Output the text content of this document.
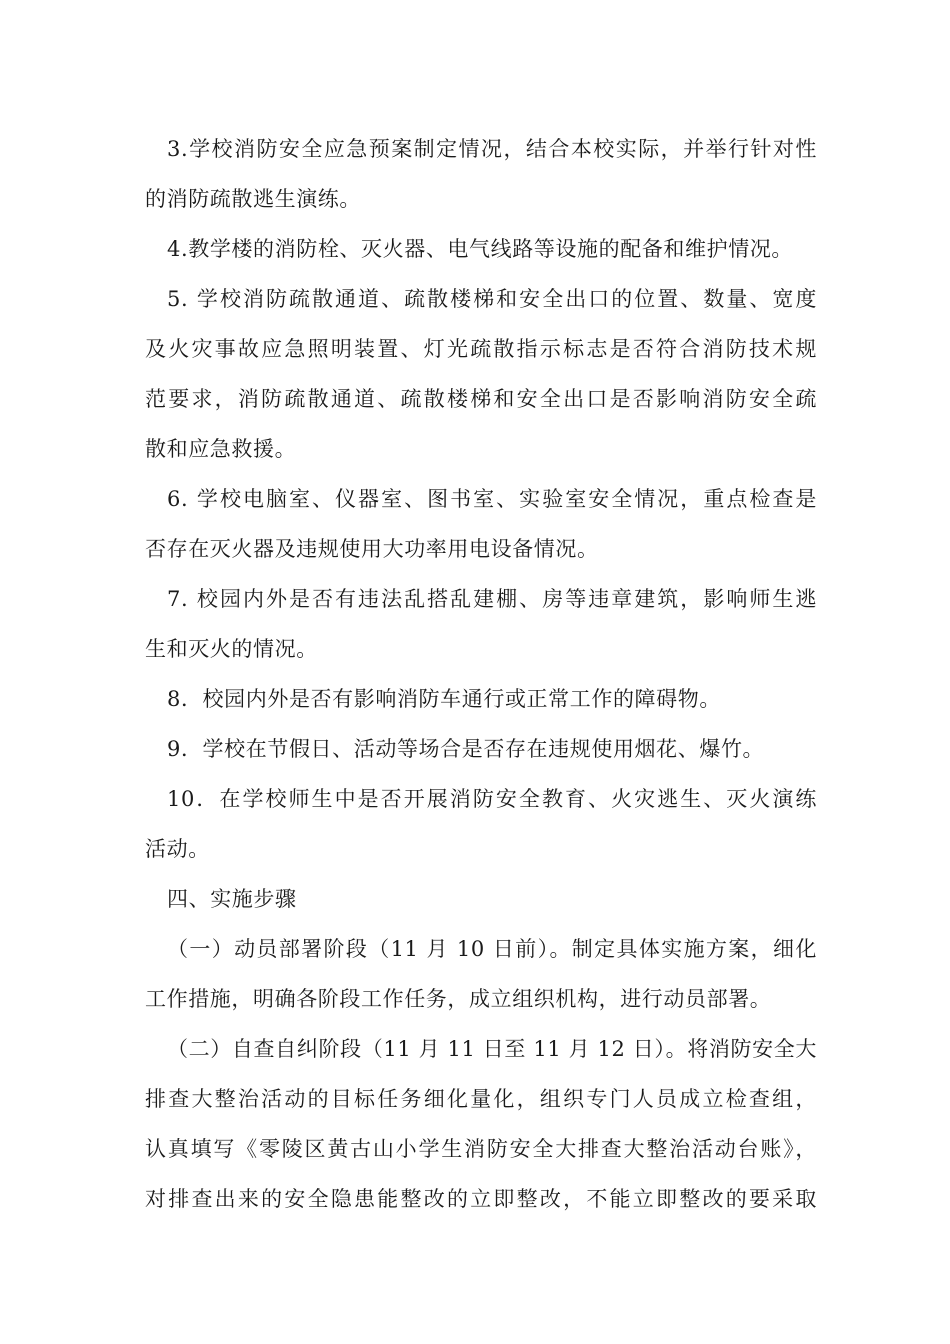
3.学校消防安全应急预案制定情况，结合本校实际，并举行针对性
的消防疏散逃生演练。
4.教学楼的消防栓、灭火器、电气线路等设施的配备和维护情况。
5. 学校消防疏散通道、疏散楼梯和安全出口的位置、数量、宽度
及火灾事故应急照明装置、灯光疏散指示标志是否符合消防技术规
范要求，消防疏散通道、疏散楼梯和安全出口是否影响消防安全疏
散和应急救援。
6. 学校电脑室、仪器室、图书室、实验室安全情况，重点检查是
否存在灭火器及违规使用大功率用电设备情况。
7. 校园内外是否有违法乱搭乱建棚、房等违章建筑，影响师生逃
生和灭火的情况。
8．校园内外是否有影响消防车通行或正常工作的障碍物。
9．学校在节假日、活动等场合是否存在违规使用烟花、爆竹。
10．在学校师生中是否开展消防安全教育、火灾逃生、灭火演练
活动。
四、实施步骤
（一）动员部署阶段（11 月 10 日前）。制定具体实施方案，细化
工作措施，明确各阶段工作任务，成立组织机构，进行动员部署。
（二）自查自纠阶段（11 月 11 日至 11 月 12 日）。将消防安全大
排查大整治活动的目标任务细化量化，组织专门人员成立检查组，
认真填写《零陵区黄古山小学生消防安全大排查大整治活动台账》，
对排查出来的安全隐患能整改的立即整改，不能立即整改的要采取
